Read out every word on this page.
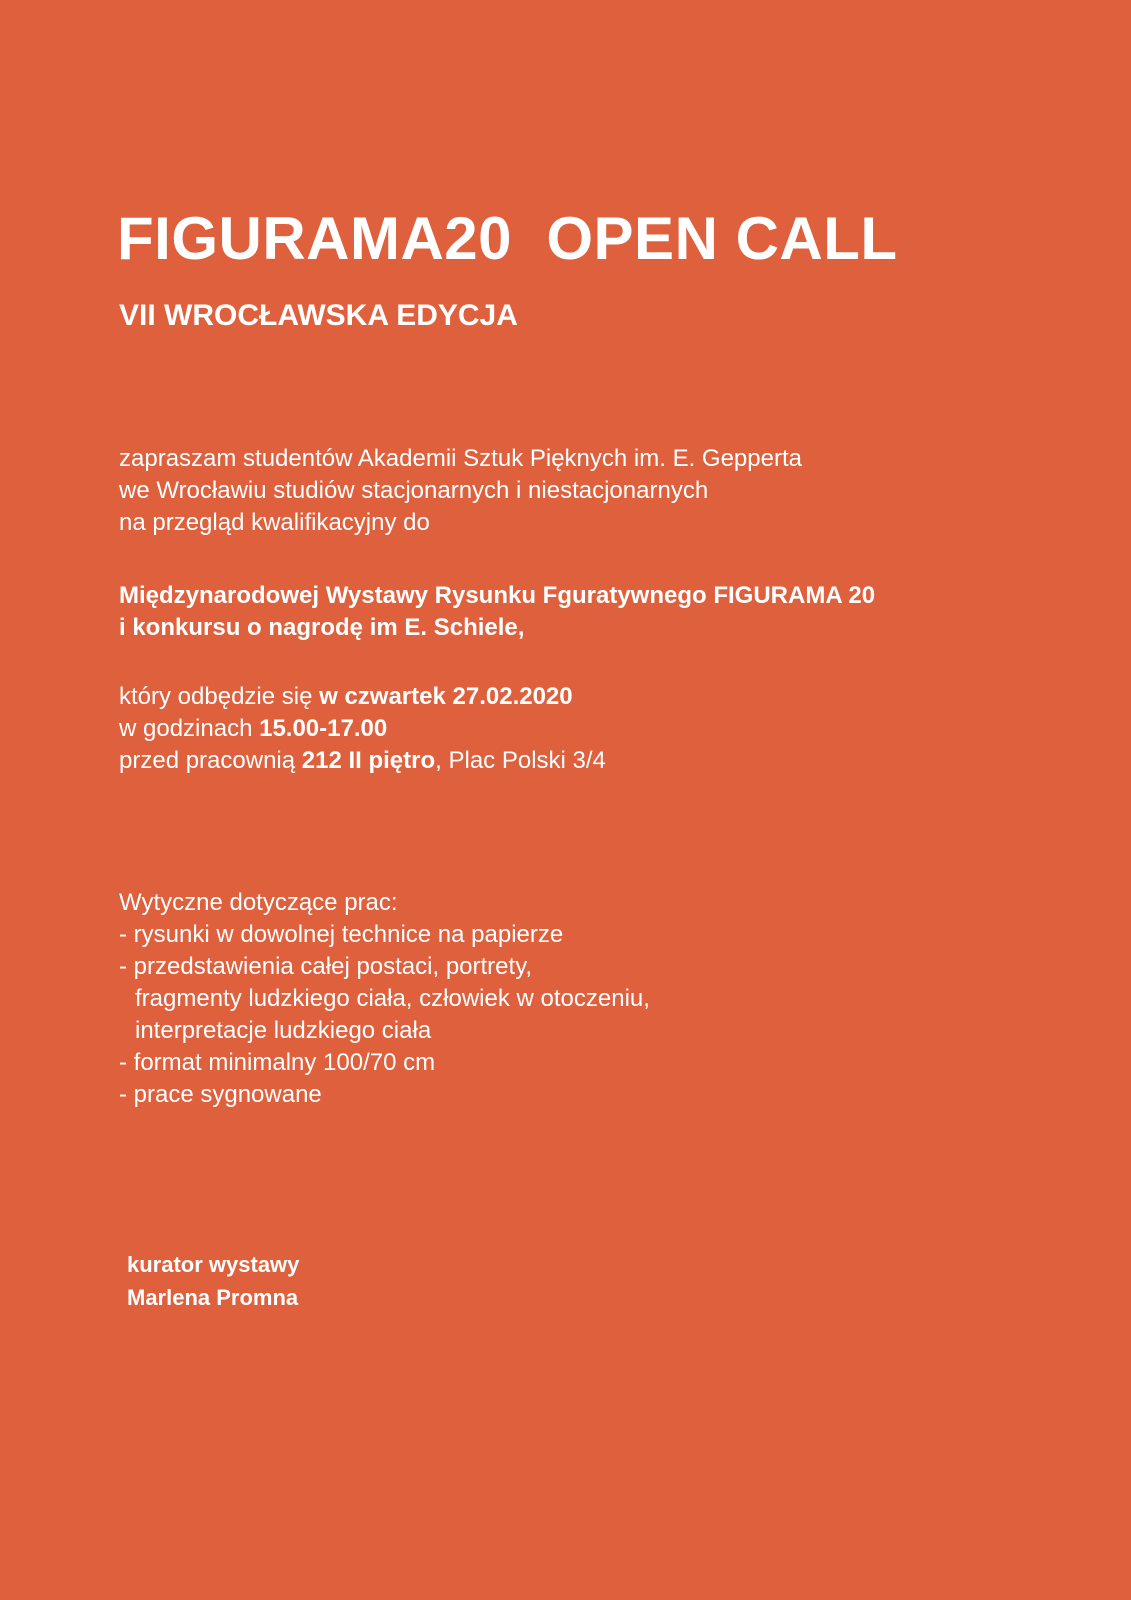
FIGURAMA20  OPEN CALL
VII WROCŁAWSKA EDYCJA

zapraszam studentów Akademii Sztuk Pięknych im. E. Gepperta

we Wrocławiu studiów stacjonarnych i niestacjonarnych

na przegląd kwalifikacyjny do

Międzynarodowej Wystawy Rysunku Fguratywnego FIGURAMA 20

i konkursu o nagrodę im E. Schiele,

który odbędzie się w czwartek 27.02.2020

w godzinach 15.00-17.00

przed pracownią 212 II piętro, Plac Polski 3/4

Wytyczne dotyczące prac:

- rysunki w dowolnej technice na papierze

- przedstawienia całej postaci, portrety,

fragmenty ludzkiego ciała, człowiek w otoczeniu,

interpretacje ludzkiego ciała

- format minimalny 100/70 cm

- prace sygnowane

kurator wystawy

Marlena Promna
